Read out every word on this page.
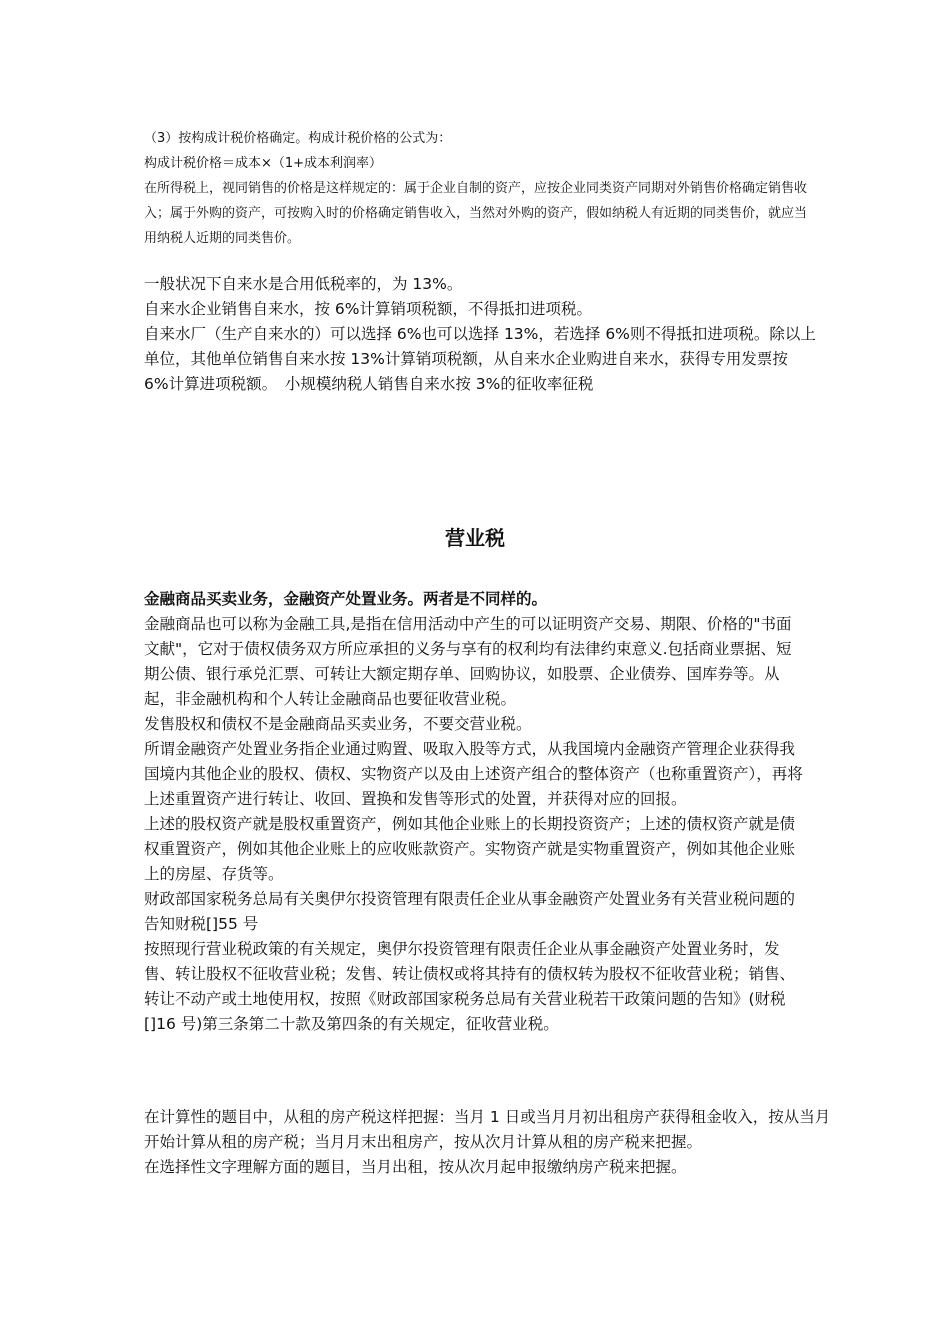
（3）按构成计税价格确定。构成计税价格的公式为：

构成计税价格＝成本×（1+成本利润率）

在所得税上，视同销售的价格是这样规定的：属于企业自制的资产，应按企业同类资产同期对外销售价格确定销售收入；属于外购的资产，可按购入时的价格确定销售收入，当然对外购的资产，假如纳税人有近期的同类售价，就应当用纳税人近期的同类售价。

一般状况下自来水是合用低税率的，为 13%。

自来水企业销售自来水，按 6%计算销项税额，不得抵扣进项税。

自来水厂（生产自来水的）可以选择 6%也可以选择 13%，若选择 6%则不得抵扣进项税。除以上单位，其他单位销售自来水按 13%计算销项税额，从自来水企业购进自来水，获得专用发票按 6%计算进项税额。　小规模纳税人销售自来水按 3%的征收率征税

营业税

金融商品买卖业务，金融资产处置业务。两者是不同样的。

金融商品也可以称为金融工具,是指在信用活动中产生的可以证明资产交易、期限、价格的"书面文献"，它对于债权债务双方所应承担的义务与享有的权利均有法律约束意义.包括商业票据、短期公债、银行承兑汇票、可转让大额定期存单、回购协议，如股票、企业债券、国库券等。从起，非金融机构和个人转让金融商品也要征收营业税。

发售股权和债权不是金融商品买卖业务，不要交营业税。

所谓金融资产处置业务指企业通过购置、吸取入股等方式，从我国境内金融资产管理企业获得我国境内其他企业的股权、债权、实物资产以及由上述资产组合的整体资产（也称重置资产），再将上述重置资产进行转让、收回、置换和发售等形式的处置，并获得对应的回报。

上述的股权资产就是股权重置资产，例如其他企业账上的长期投资资产；上述的债权资产就是债权重置资产，例如其他企业账上的应收账款资产。实物资产就是实物重置资产，例如其他企业账上的房屋、存货等。

财政部国家税务总局有关奥伊尔投资管理有限责任企业从事金融资产处置业务有关营业税问题的告知财税[]55 号

按照现行营业税政策的有关规定，奥伊尔投资管理有限责任企业从事金融资产处置业务时，发售、转让股权不征收营业税；发售、转让债权或将其持有的债权转为股权不征收营业税；销售、转让不动产或土地使用权，按照《财政部国家税务总局有关营业税若干政策问题的告知》(财税[]16 号)第三条第二十款及第四条的有关规定，征收营业税。

在计算性的题目中，从租的房产税这样把握：当月 1 日或当月月初出租房产获得租金收入，按从当月开始计算从租的房产税；当月月末出租房产，按从次月计算从租的房产税来把握。

在选择性文字理解方面的题目，当月出租，按从次月起申报缴纳房产税来把握。
